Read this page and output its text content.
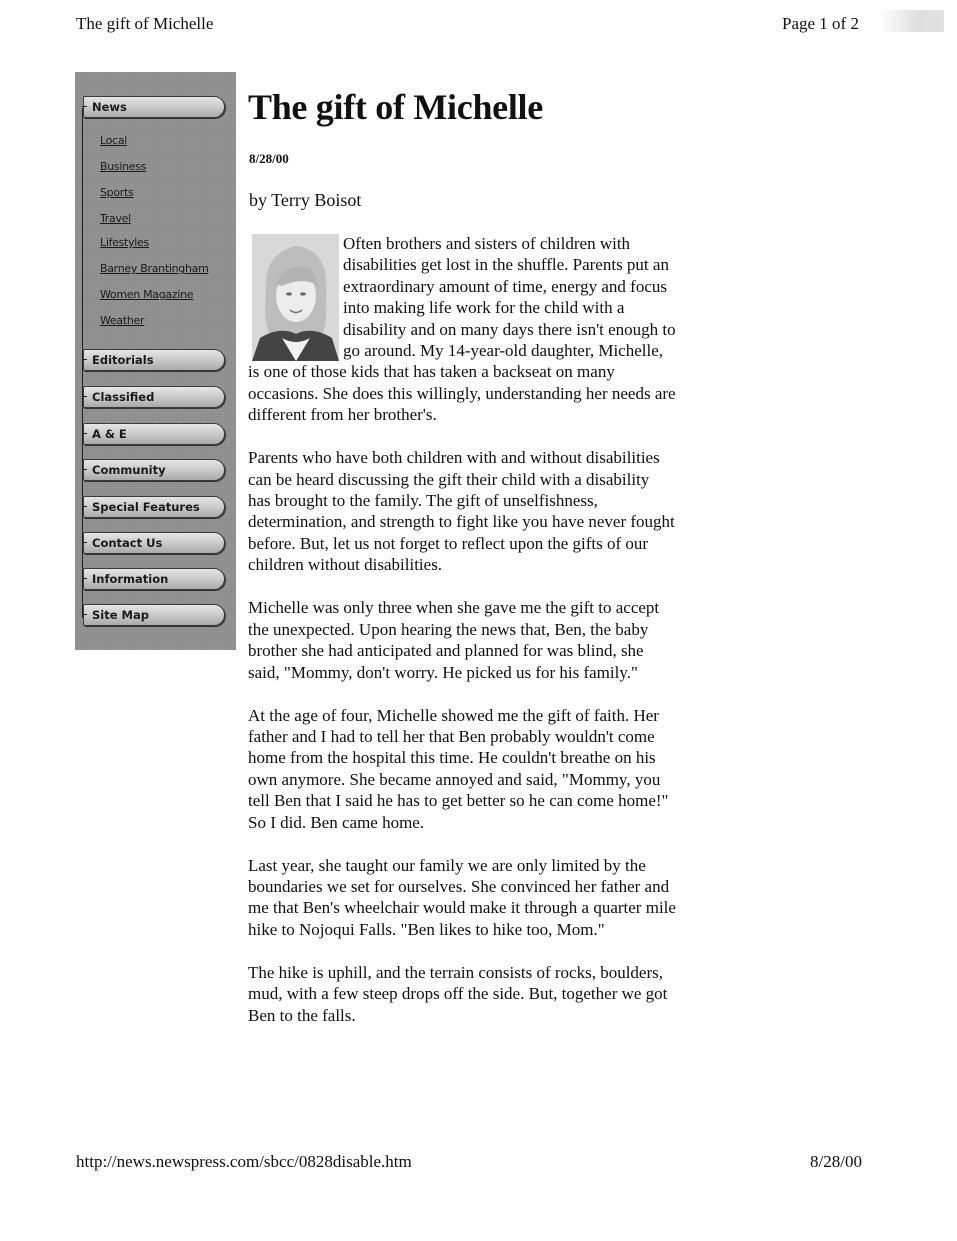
The gift of Michelle	Page 1 of 2
News
Local
Business
Sports
Travel
Lifestyles
Barney Brantingham
Women Magazine
Weather
Editorials
Classified
A & E
Community
Special Features
Contact Us
Information
Site Map
The gift of Michelle
8/28/00
by Terry Boisot

Often brothers and sisters of children with disabilities get lost in the shuffle. Parents put an extraordinary amount of time, energy and focus into making life work for the child with a disability and on many days there isn't enough to go around. My 14-year-old daughter, Michelle, is one of those kids that has taken a backseat on many occasions. She does this willingly, understanding her needs are different from her brother's.

Parents who have both children with and without disabilities can be heard discussing the gift their child with a disability has brought to the family. The gift of unselfishness, determination, and strength to fight like you have never fought before. But, let us not forget to reflect upon the gifts of our children without disabilities.

Michelle was only three when she gave me the gift to accept the unexpected. Upon hearing the news that, Ben, the baby brother she had anticipated and planned for was blind, she said, "Mommy, don't worry. He picked us for his family."

At the age of four, Michelle showed me the gift of faith. Her father and I had to tell her that Ben probably wouldn't come home from the hospital this time. He couldn't breathe on his own anymore. She became annoyed and said, "Mommy, you tell Ben that I said he has to get better so he can come home!" So I did. Ben came home.

Last year, she taught our family we are only limited by the boundaries we set for ourselves. She convinced her father and me that Ben's wheelchair would make it through a quarter mile hike to Nojoqui Falls. "Ben likes to hike too, Mom."

The hike is uphill, and the terrain consists of rocks, boulders, mud, with a few steep drops off the side. But, together we got Ben to the falls.

http://news.newspress.com/sbcc/0828disable.htm	8/28/00
